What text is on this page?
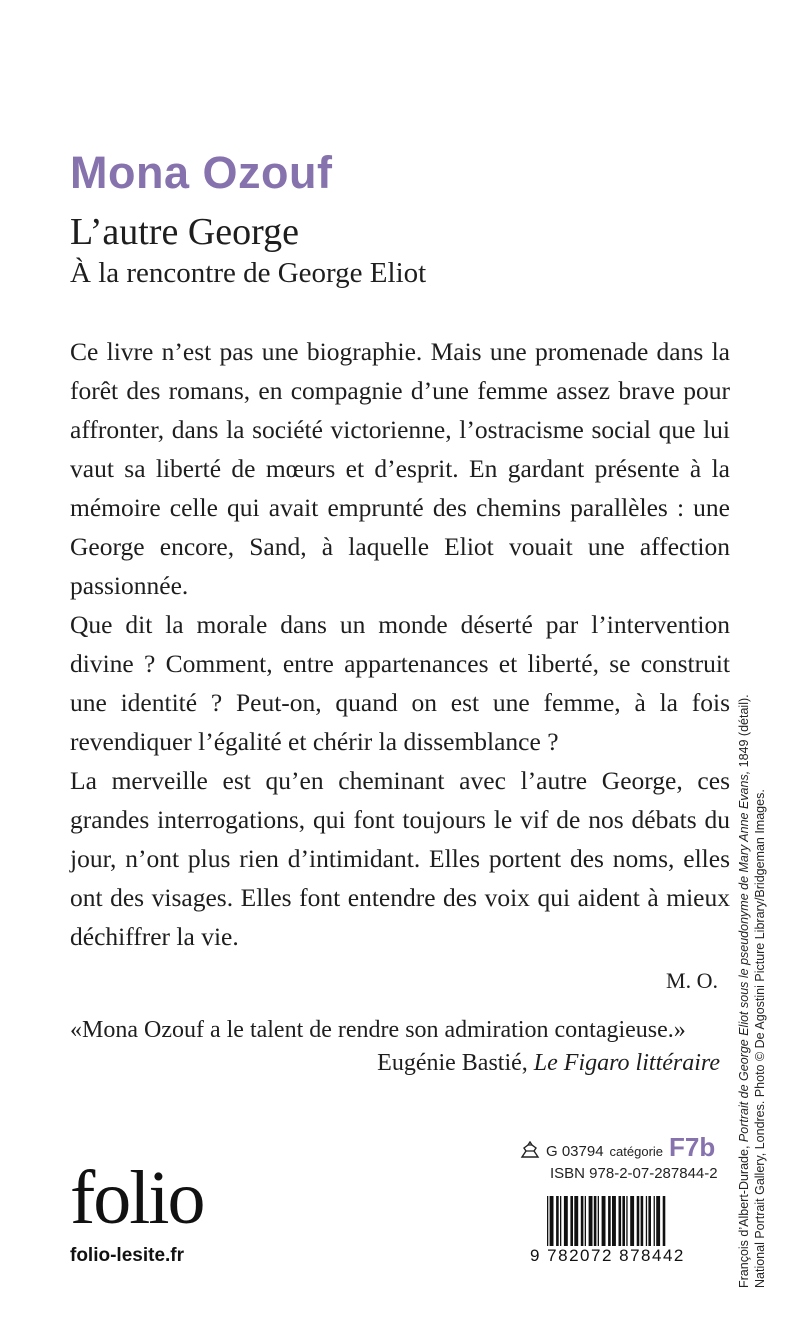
Mona Ozouf
L’autre George
À la rencontre de George Eliot

Ce livre n’est pas une biographie. Mais une promenade dans la forêt des romans, en compagnie d’une femme assez brave pour affronter, dans la société victorienne, l’ostracisme social que lui vaut sa liberté de mœurs et d’esprit. En gardant présente à la mémoire celle qui avait emprunté des chemins parallèles : une George encore, Sand, à laquelle Eliot vouait une affection passionnée.

Que dit la morale dans un monde déserté par l’intervention divine ? Comment, entre appartenances et liberté, se construit une identité ? Peut-on, quand on est une femme, à la fois revendiquer l’égalité et chérir la dissemblance ?

La merveille est qu’en cheminant avec l’autre George, ces grandes interrogations, qui font toujours le vif de nos débats du jour, n’ont plus rien d’intimidant. Elles portent des noms, elles ont des visages. Elles font entendre des voix qui aident à mieux déchiffrer la vie.

M. O.
«Mona Ozouf a le talent de rendre son admiration contagieuse.»
Eugénie Bastié, Le Figaro littéraire
François d’Albert-Durade, Portrait de George Eliot sous le pseudonyme de Mary Anne Evans, 1849 (détail).
National Portrait Gallery, Londres. Photo © De Agostini Picture Library/Bridgeman Images.
folio
folio-lesite.fr
G 03794 catégorie F7b
ISBN 978-2-07-287844-2
9 782072 878442
